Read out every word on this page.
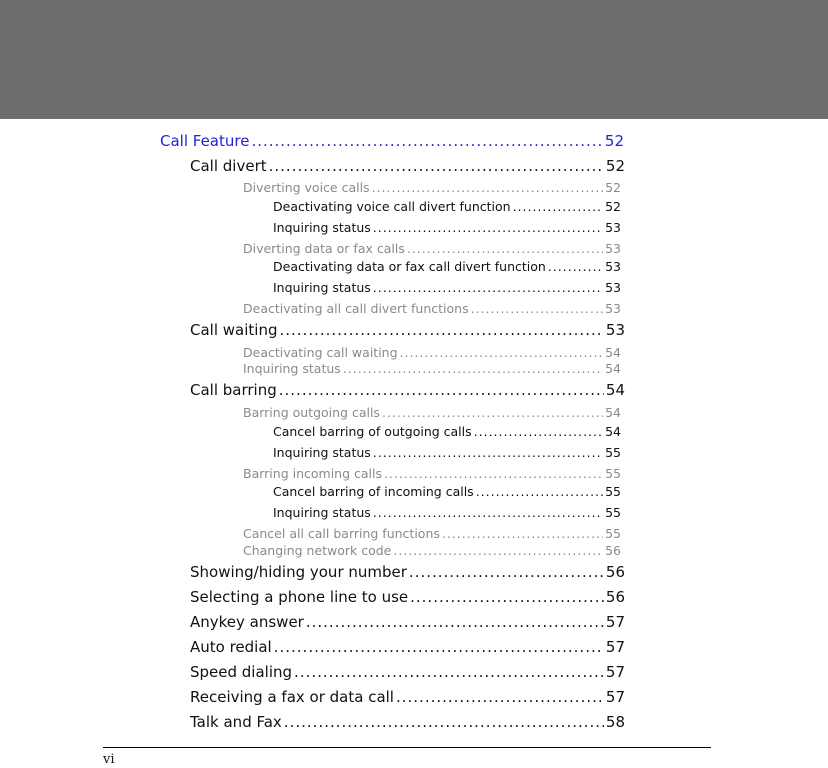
Call Feature .....	52
Call divert .....	52
Diverting voice calls .....	52
Deactivating voice call divert function .....	52
Inquiring status .....	53
Diverting data or fax calls .....	53
Deactivating data or fax call divert function .....	53
Inquiring status .....	53
Deactivating all call divert functions .....	53
Call waiting .....	53
Deactivating call waiting .....	54
Inquiring status .....	54
Call barring .....	54
Barring outgoing calls .....	54
Cancel barring of outgoing calls .....	54
Inquiring status .....	55
Barring incoming calls .....	55
Cancel barring of incoming calls .....	55
Inquiring status .....	55
Cancel all call barring functions .....	55
Changing network code .....	56
Showing/hiding your number .....	56
Selecting a phone line to use .....	56
Anykey answer .....	57
Auto redial .....	57
Speed dialing .....	57
Receiving a fax or data call .....	57
Talk and Fax .....	58
vi
